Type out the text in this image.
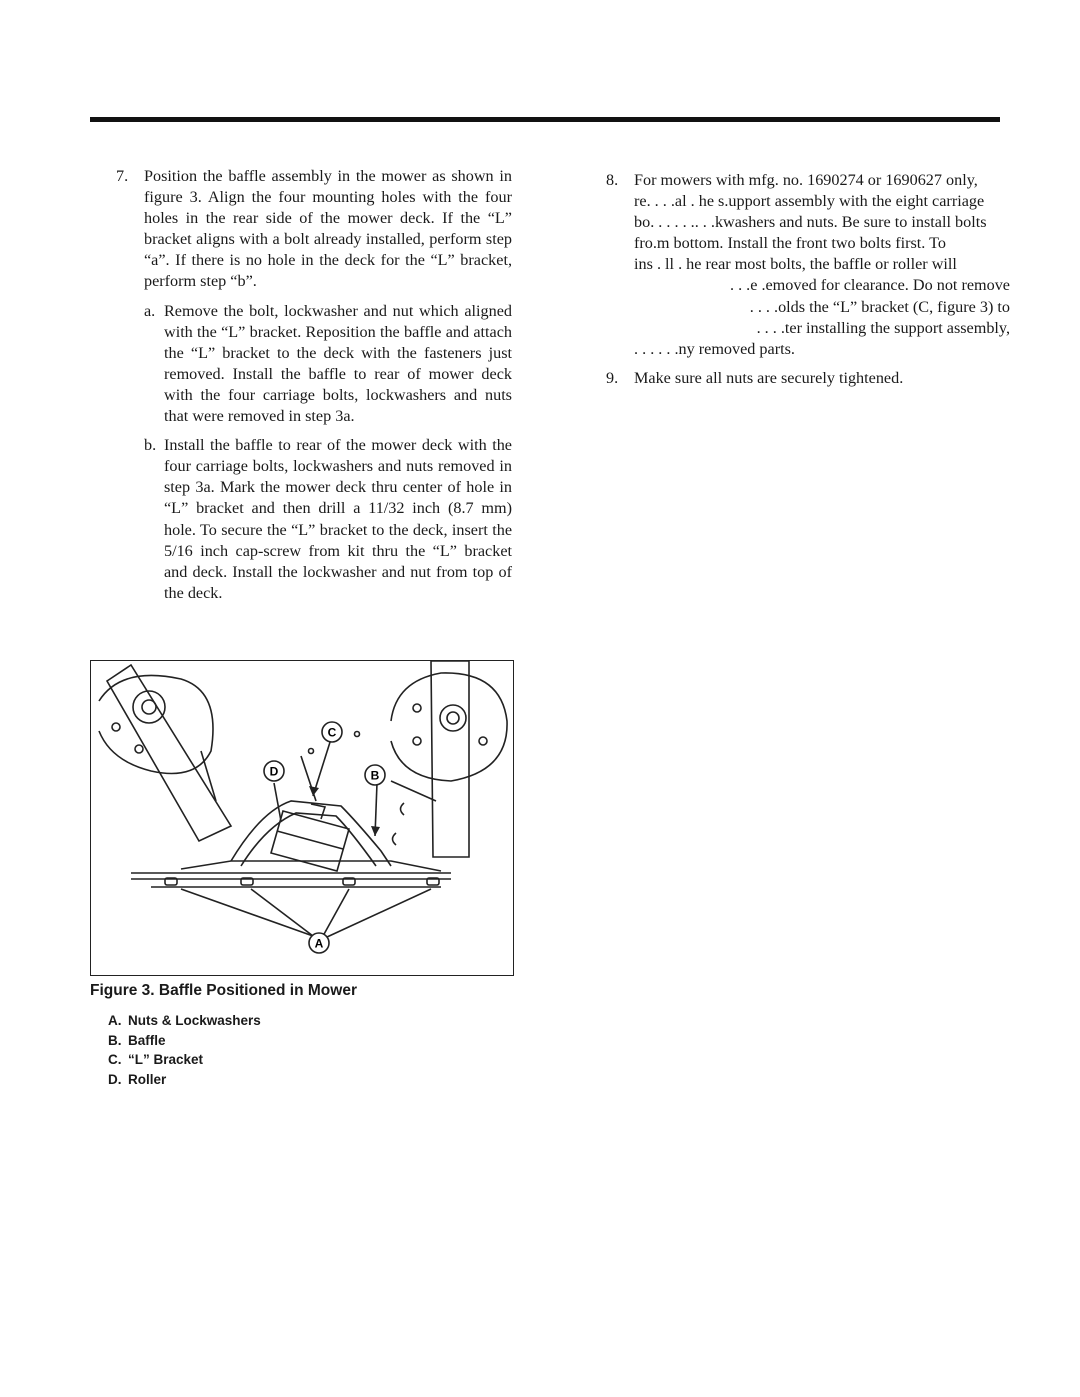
7. Position the baffle assembly in the mower as shown in figure 3. Align the four mounting holes with the four holes in the rear side of the mower deck. If the “L” bracket aligns with a bolt already installed, perform step “a”. If there is no hole in the deck for the “L” bracket, perform step “b”.
a. Remove the bolt, lockwasher and nut which aligned with the “L” bracket. Reposition the baffle and attach the “L” bracket to the deck with the fasteners just removed. Install the baffle to rear of mower deck with the four carriage bolts, lockwashers and nuts that were removed in step 3a.
b. Install the baffle to rear of the mower deck with the four carriage bolts, lockwashers and nuts removed in step 3a. Mark the mower deck thru center of hole in “L” bracket and then drill a 11/32 inch (8.7 mm) hole. To secure the “L” bracket to the deck, insert the 5/16 inch cap-screw from kit thru the “L” bracket and deck. Install the lockwasher and nut from top of the deck.
8. For mowers with mfg. no. 1690274 or 1690627 only,
re. . . .al . he s.upport assembly with the eight carriage
bo. . . . . .. . .kwashers and nuts. Be sure to install bolts
fro.m bottom. Install the front two bolts first. To
ins . ll . he rear most bolts, the baffle or roller will
. . .e .emoved for clearance. Do not remove
. . . .olds the “L” bracket (C, figure 3) to
. . . .ter installing the support assembly,
. . . . . .ny removed parts.
9. Make sure all nuts are securely tightened.
C
D	B
A
Figure 3. Baffle Positioned in Mower
A. Nuts & Lockwashers
B. Baffle
C. “L” Bracket
D. Roller
